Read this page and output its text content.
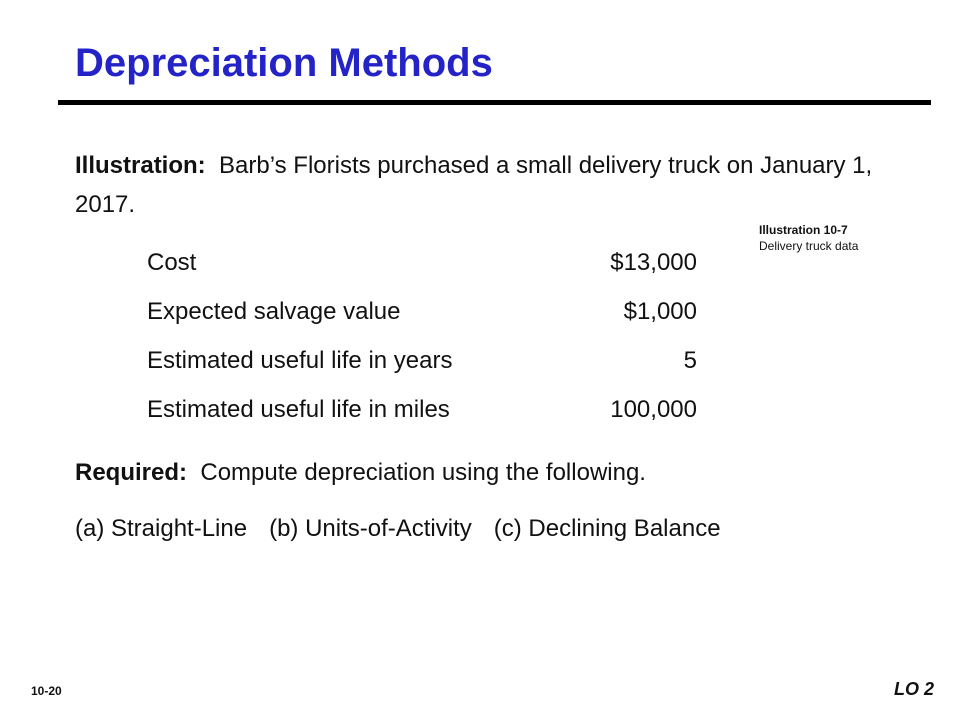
Depreciation Methods
Illustration: Barb’s Florists purchased a small delivery truck on January 1, 2017.
Illustration 10-7
Delivery truck data
Cost	$13,000
Expected salvage value	$1,000
Estimated useful life in years	5
Estimated useful life in miles	100,000
Required: Compute depreciation using the following.
(a) Straight-Line (b) Units-of-Activity (c) Declining Balance
10-20	LO 2
